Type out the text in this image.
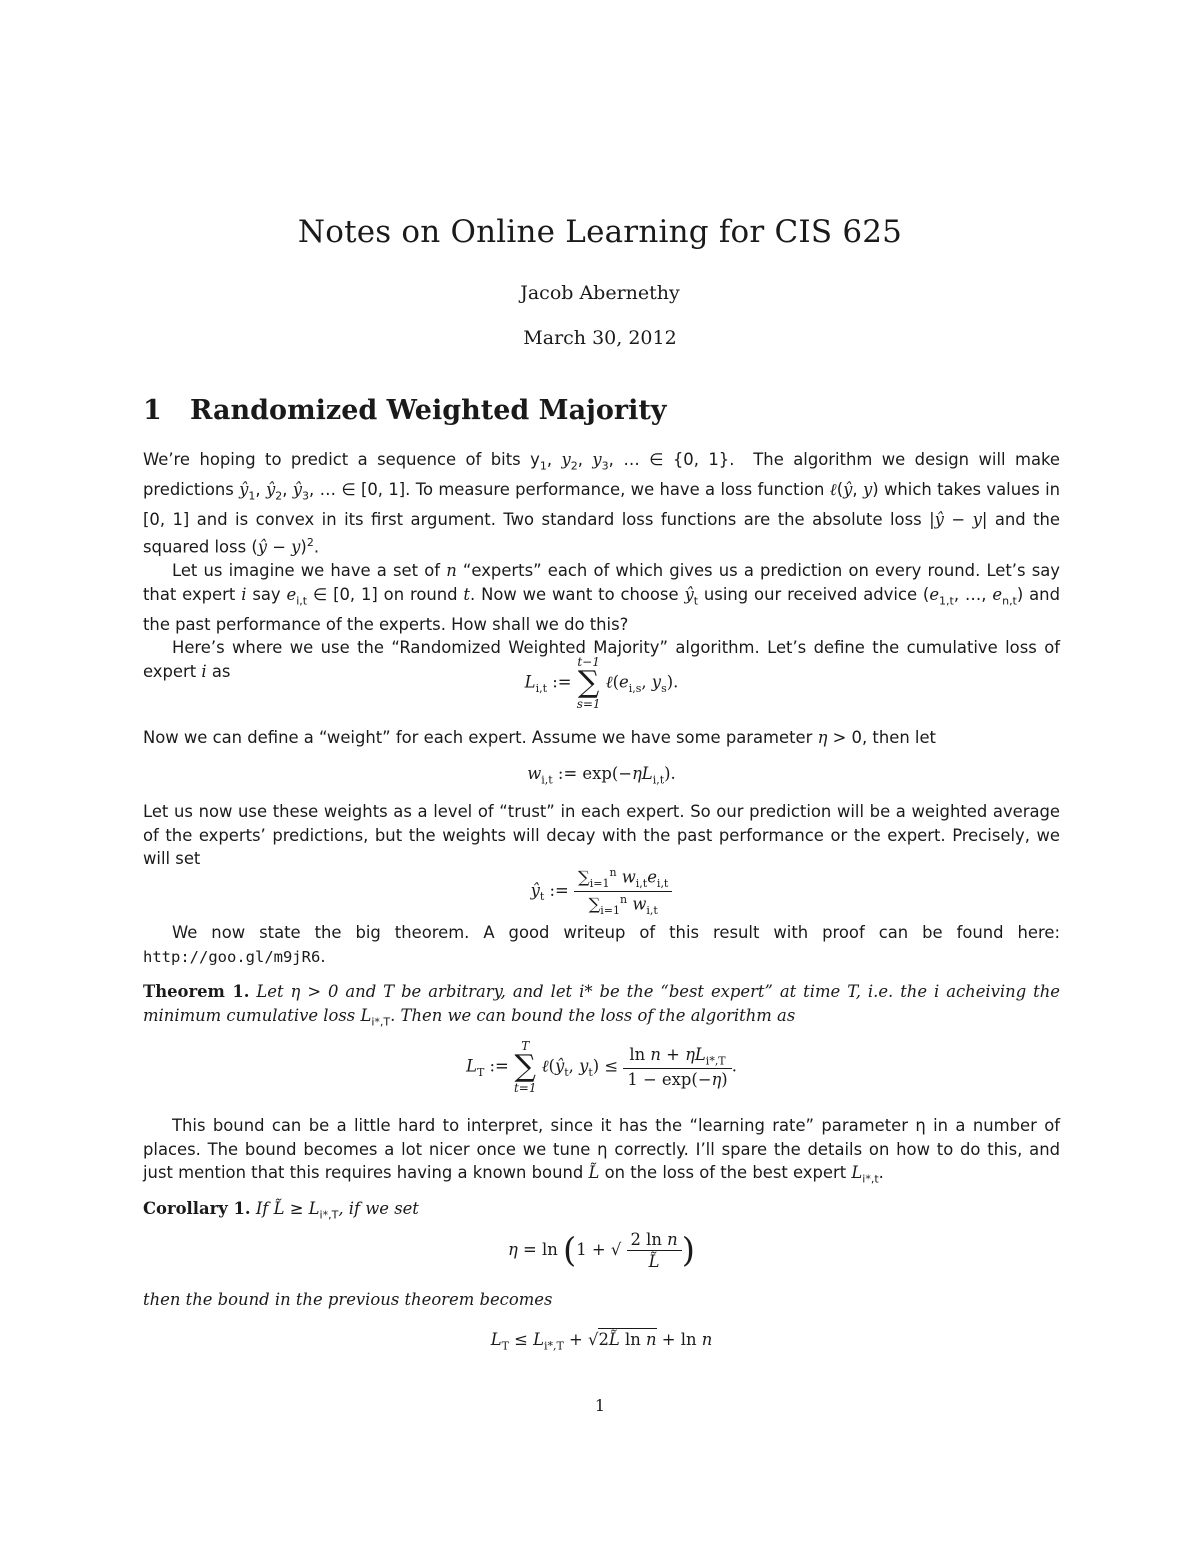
Notes on Online Learning for CIS 625
Jacob Abernethy
March 30, 2012
1 Randomized Weighted Majority

We’re hoping to predict a sequence of bits $y_1$, $y_2$, $y_3$, … ∈ {0, 1}.  The algorithm we design will make predictions $ŷ_1$, $ŷ_2$, $ŷ_3$, … ∈ [0, 1]. To measure performance, we have a loss function ℓ(ŷ, y) which takes values in [0, 1] and is convex in its first argument. Two standard loss functions are the absolute loss |ŷ − y| and the squared loss (ŷ − y)$^2$.

Let us imagine we have a set of n “experts” each of which gives us a prediction on every round. Let’s say that expert i say $e_{i,t}$ ∈ [0, 1] on round t. Now we want to choose $ŷ_t$ using our received advice ($e_{1,t}$, …, $e_{n,t}$) and the past performance of the experts. How shall we do this?

Here’s where we use the “Randomized Weighted Majority” algorithm. Let’s define the cumulative loss of expert i as

$L_{i,t}$ :=
t−1
∑
s=1
$\ell(e_{i,s}$, $y_s$).

Now we can define a “weight” for each expert. Assume we have some parameter η > 0, then let

$w_{i,t}$ := $\exp(-\eta L_{i,t})$.

Let us now use these weights as a level of “trust” in each expert. So our prediction will be a weighted average of the experts’ predictions, but the weights will decay with the past performance or the expert. Precisely, we will set

$ŷ_t$ := $\frac{\sum_{i=1}^n w_{i,t}e_{i,t}}{\sum_{i=1}^n w_{i,t}}$

We now state the big theorem. A good writeup of this result with proof can be found here: http://goo.gl/m9jR6.

Theorem 1. Let η > 0 and T be arbitrary, and let i* be the “best expert” at time T, i.e. the i acheiving the minimum cumulative loss $L_{i*,T}$. Then we can bound the loss of the algorithm as

$L_T$ :=
T
∑
t=1
$\ell(ŷ_t$, $y_t) \le \frac{\ln n + \eta L_{i*,T}}{1 - \exp(-\eta)}$ .

This bound can be a little hard to interpret, since it has the “learning rate” parameter η in a number of places. The bound becomes a lot nicer once we tune η correctly. I’ll spare the details on how to do this, and just mention that this requires having a known bound L̃ on the loss of the best expert $L_{i*,t}$.

Corollary 1. If L̃ ≥ $L_{i*,T}$, if we set

η = ln (1 + √ $\frac{\text{2 ln n}}{L̃}$ )

then the bound in the previous theorem becomes

$L_T \le L_{i*,T}$ + √2L̃ ln n + ln n
1
